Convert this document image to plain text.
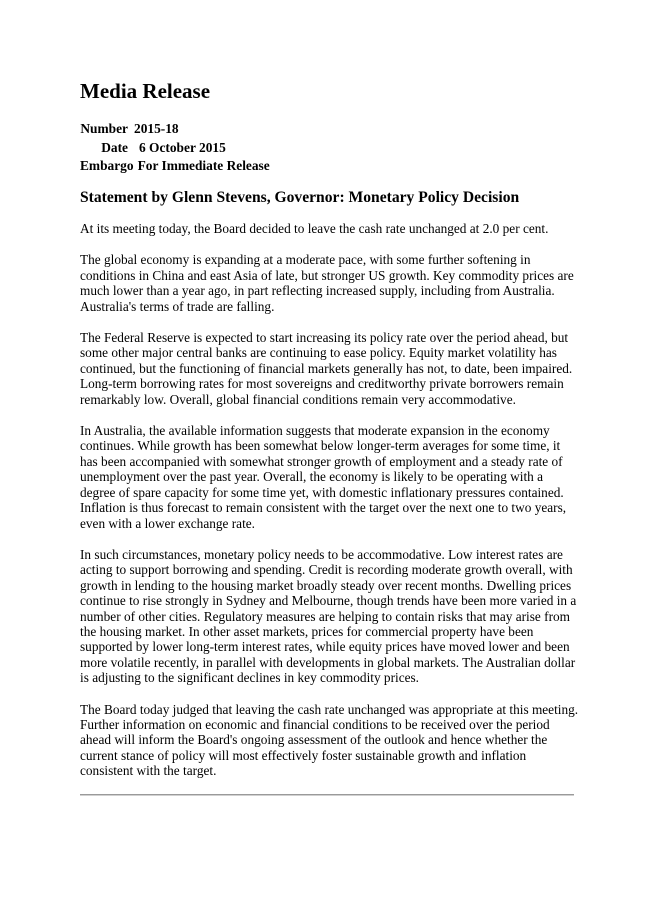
Media Release
Number 2015-18
Date 6 October 2015
Embargo For Immediate Release
Statement by Glenn Stevens, Governor: Monetary Policy Decision

At its meeting today, the Board decided to leave the cash rate unchanged at 2.0 per cent.

The global economy is expanding at a moderate pace, with some further softening in
conditions in China and east Asia of late, but stronger US growth. Key commodity prices are
much lower than a year ago, in part reflecting increased supply, including from Australia.
Australia's terms of trade are falling.

The Federal Reserve is expected to start increasing its policy rate over the period ahead, but
some other major central banks are continuing to ease policy. Equity market volatility has
continued, but the functioning of financial markets generally has not, to date, been impaired.
Long-term borrowing rates for most sovereigns and creditworthy private borrowers remain
remarkably low. Overall, global financial conditions remain very accommodative.

In Australia, the available information suggests that moderate expansion in the economy
continues. While growth has been somewhat below longer-term averages for some time, it
has been accompanied with somewhat stronger growth of employment and a steady rate of
unemployment over the past year. Overall, the economy is likely to be operating with a
degree of spare capacity for some time yet, with domestic inflationary pressures contained.
Inflation is thus forecast to remain consistent with the target over the next one to two years,
even with a lower exchange rate.

In such circumstances, monetary policy needs to be accommodative. Low interest rates are
acting to support borrowing and spending. Credit is recording moderate growth overall, with
growth in lending to the housing market broadly steady over recent months. Dwelling prices
continue to rise strongly in Sydney and Melbourne, though trends have been more varied in a
number of other cities. Regulatory measures are helping to contain risks that may arise from
the housing market. In other asset markets, prices for commercial property have been
supported by lower long-term interest rates, while equity prices have moved lower and been
more volatile recently, in parallel with developments in global markets. The Australian dollar
is adjusting to the significant declines in key commodity prices.

The Board today judged that leaving the cash rate unchanged was appropriate at this meeting.
Further information on economic and financial conditions to be received over the period
ahead will inform the Board's ongoing assessment of the outlook and hence whether the
current stance of policy will most effectively foster sustainable growth and inflation
consistent with the target.
